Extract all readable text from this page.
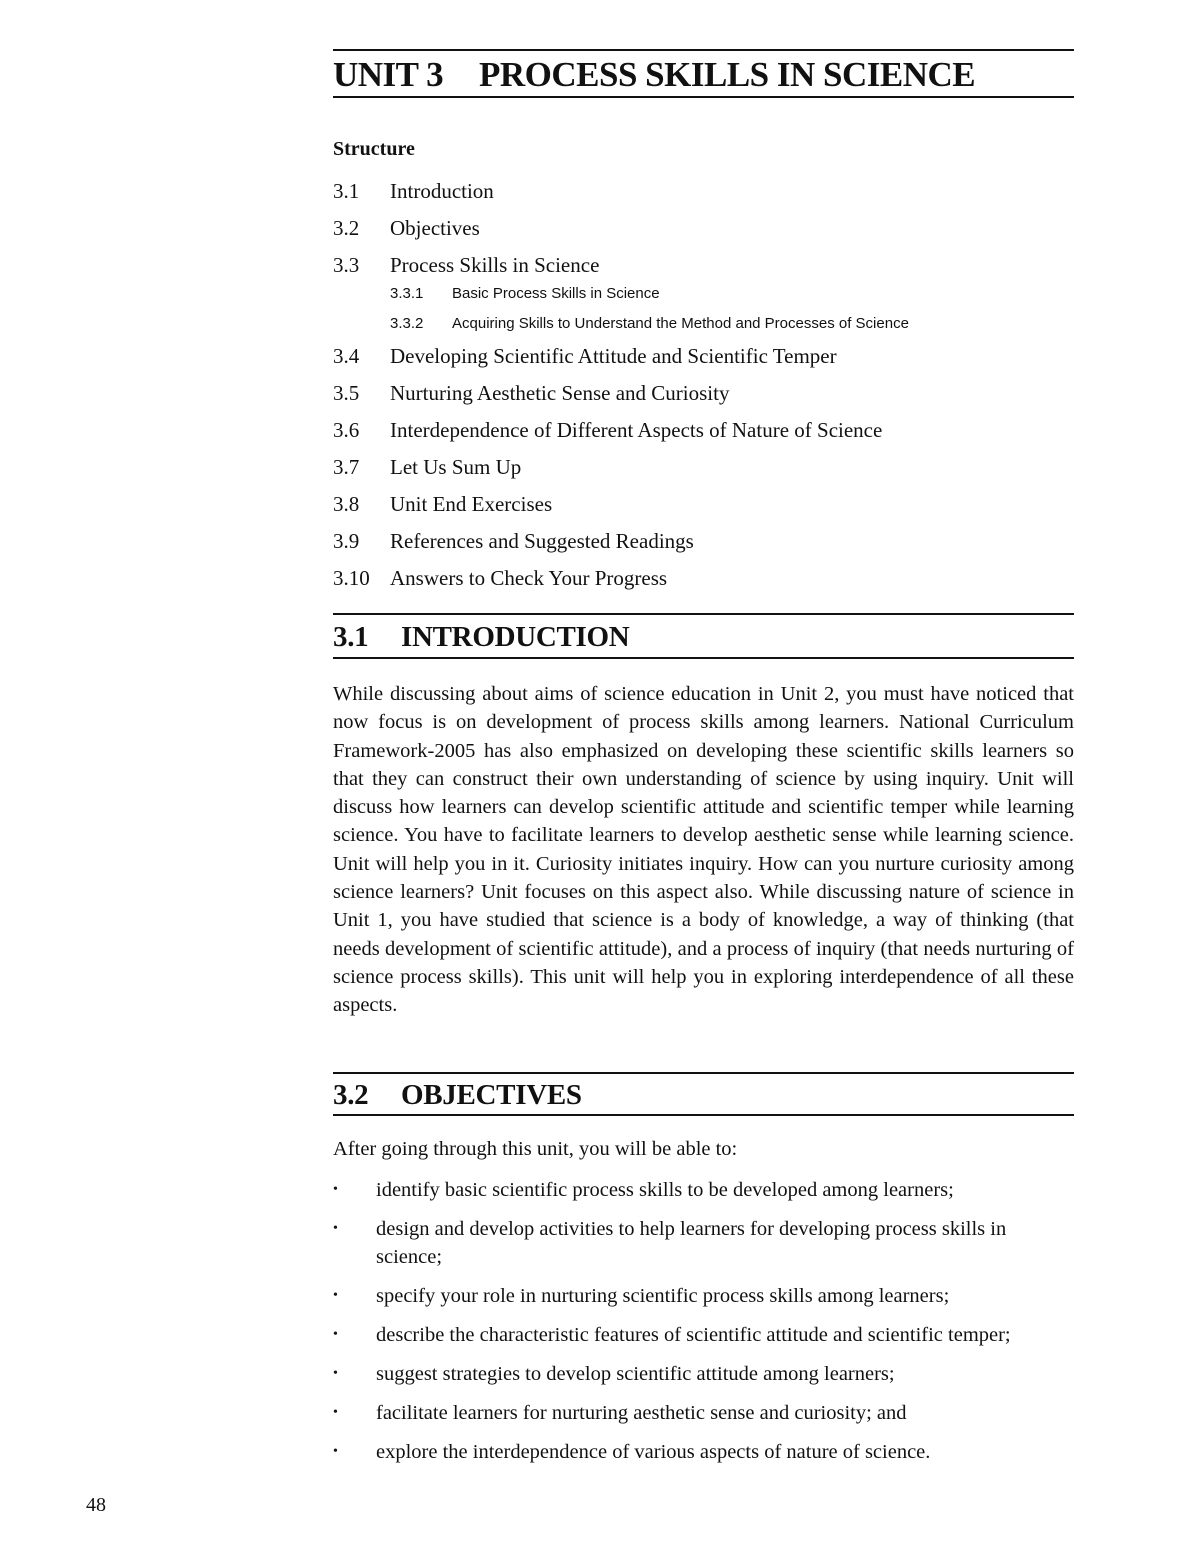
UNIT 3 PROCESS SKILLS IN SCIENCE
Structure
3.1	Introduction
3.2	Objectives
3.3	Process Skills in Science
3.3.1	Basic Process Skills in Science
3.3.2	Acquiring Skills to Understand the Method and Processes of Science
3.4	Developing Scientific Attitude and Scientific Temper
3.5	Nurturing Aesthetic Sense and Curiosity
3.6	Interdependence of Different Aspects of Nature of Science
3.7	Let Us Sum Up
3.8	Unit End Exercises
3.9	References and Suggested Readings
3.10 Answers to Check Your Progress
3.1 INTRODUCTION

While discussing about aims of science education in Unit 2, you must have noticed that now focus is on development of process skills among learners. National Curriculum Framework-2005 has also emphasized on developing these scientific skills learners so that they can construct their own understanding of science by using inquiry. Unit will discuss how learners can develop scientific attitude and scientific temper while learning science. You have to facilitate learners to develop aesthetic sense while learning science. Unit will help you in it. Curiosity initiates inquiry. How can you nurture curiosity among science learners? Unit focuses on this aspect also. While discussing nature of science in Unit 1, you have studied that science is a body of knowledge, a way of thinking (that needs development of scientific attitude), and a process of inquiry (that needs nurturing of science process skills). This unit will help you in exploring interdependence of all these aspects.

3.2 OBJECTIVES
After going through this unit, you will be able to:
•	identify basic scientific process skills to be developed among learners;
•	design and develop activities to help learners for developing process skills in science;
•	specify your role in nurturing scientific process skills among learners;
•	describe the characteristic features of scientific attitude and scientific temper;
•	suggest strategies to develop scientific attitude among learners;
•	facilitate learners for nurturing aesthetic sense and curiosity; and
•	explore the interdependence of various aspects of nature of science.
48
